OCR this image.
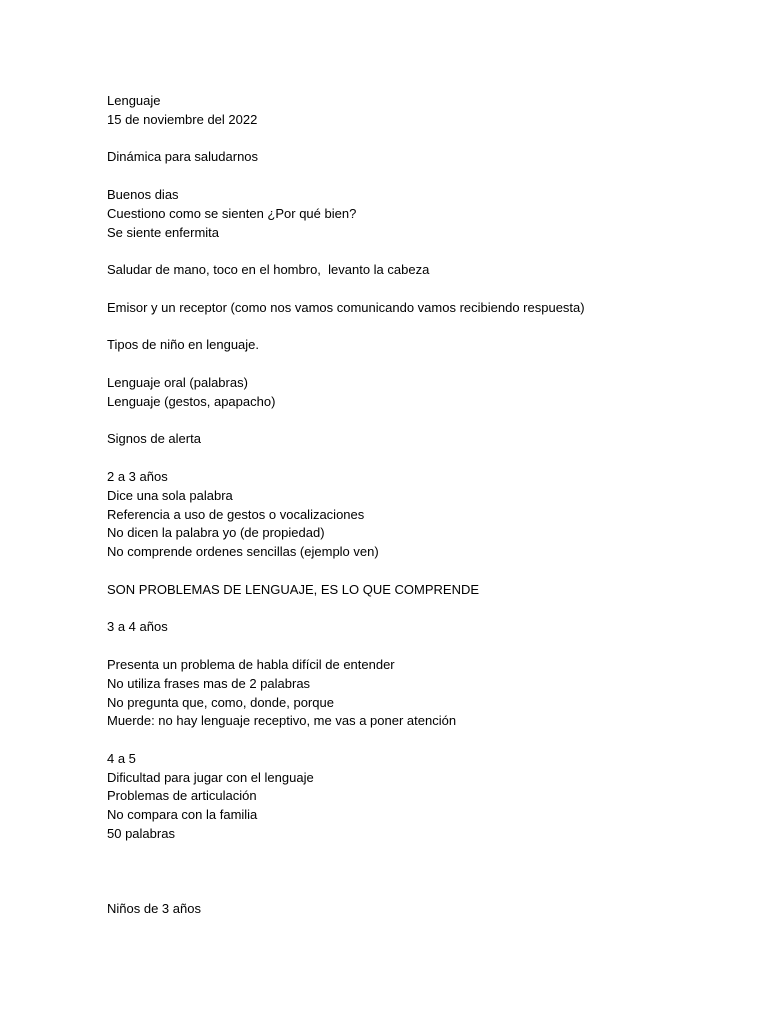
Lenguaje
15 de noviembre del 2022
Dinámica para saludarnos
Buenos dias
Cuestiono como se sienten ¿Por qué bien?
Se siente enfermita
Saludar de mano, toco en el hombro,  levanto la cabeza
Emisor y un receptor (como nos vamos comunicando vamos recibiendo respuesta)
Tipos de niño en lenguaje.
Lenguaje oral (palabras)
Lenguaje (gestos, apapacho)
Signos de alerta
2 a 3 años
Dice una sola palabra
Referencia a uso de gestos o vocalizaciones
No dicen la palabra yo (de propiedad)
No comprende ordenes sencillas (ejemplo ven)
SON PROBLEMAS DE LENGUAJE, ES LO QUE COMPRENDE
3 a 4 años
Presenta un problema de habla difícil de entender
No utiliza frases mas de 2 palabras
No pregunta que, como, donde, porque
Muerde: no hay lenguaje receptivo, me vas a poner atención
4 a 5
Dificultad para jugar con el lenguaje
Problemas de articulación
No compara con la familia
50 palabras
Niños de 3 años
